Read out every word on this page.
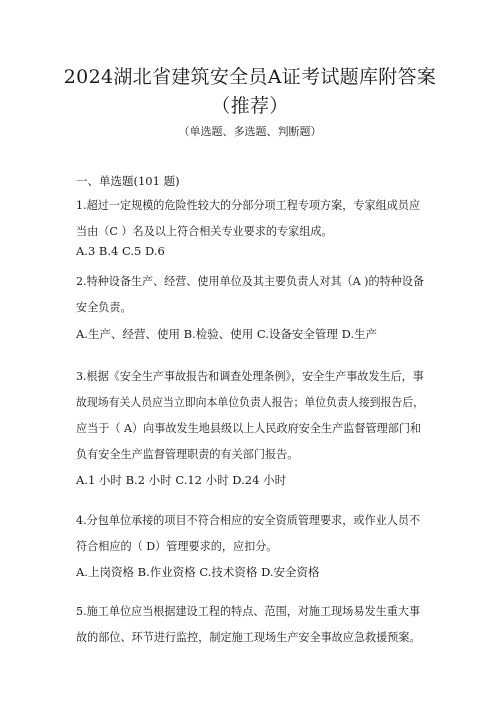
2024湖北省建筑安全员A证考试题库附答案
（推荐）
（单选题、多选题、判断题）
一、单选题(101 题)
1.超过一定规模的危险性较大的分部分项工程专项方案，专家组成员应
当由（C ）名及以上符合相关专业要求的专家组成。
A.3 B.4 C.5 D.6
2.特种设备生产、经营、使用单位及其主要负责人对其（A )的特种设备
安全负责。
A.生产、经营、使用 B.检验、使用 C.设备安全管理 D.生产
3.根据《安全生产事故报告和调查处理条例》，安全生产事故发生后，事
故现场有关人员应当立即向本单位负责人报告；单位负责人接到报告后，
应当于（ A）向事故发生地县级以上人民政府安全生产监督管理部门和
负有安全生产监督管理职责的有关部门报告。
A.1 小时 B.2 小时 C.12 小时 D.24 小时
4.分包单位承接的项目不符合相应的安全资质管理要求，或作业人员不
符合相应的（ D）管理要求的，应扣分。
A.上岗资格 B.作业资格 C.技术资格 D.安全资格
5.施工单位应当根据建设工程的特点、范围，对施工现场易发生重大事
故的部位、环节进行监控，制定施工现场生产安全事故应急救援预案。
